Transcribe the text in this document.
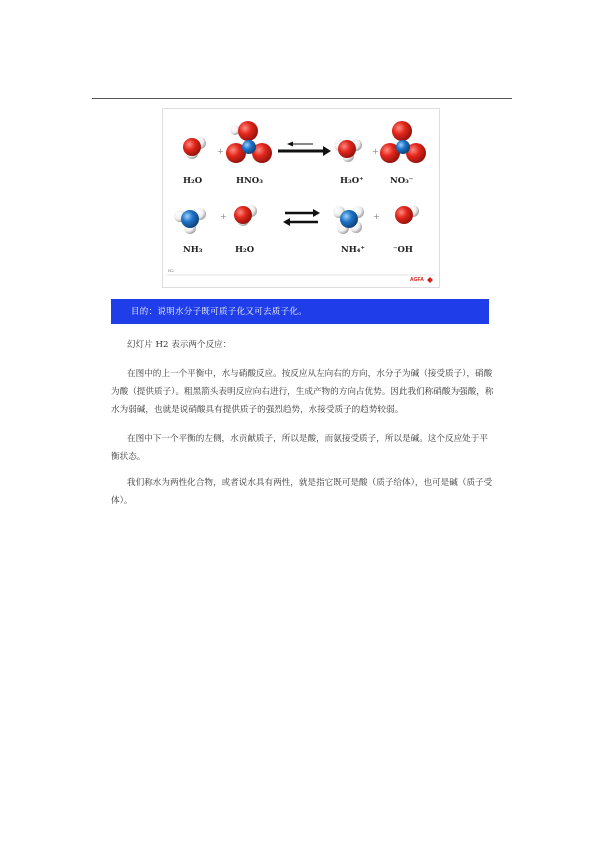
H₂O
+
HNO₃	H₃O⁺
+
NO₃⁻
NH₃
+
H₂O	NH₄⁺
+
⁻OH
H2
AGFA
目的：说明水分子既可质子化又可去质子化。
幻灯片 H2 表示两个反应：
在图中的上一个平衡中，水与硝酸反应。按反应从左向右的方向，水分子为碱（接受质子），硝酸为酸（提供质子）。粗黑箭头表明反应向右进行，生成产物的方向占优势。因此我们称硝酸为强酸，称水为弱碱，也就是说硝酸具有提供质子的强烈趋势，水接受质子的趋势较弱。
在图中下一个平衡的左侧，水贡献质子，所以是酸，而氨接受质子，所以是碱。这个反应处于平衡状态。
我们称水为两性化合物，或者说水具有两性，就是指它既可是酸（质子给体），也可是碱（质子受体）。
